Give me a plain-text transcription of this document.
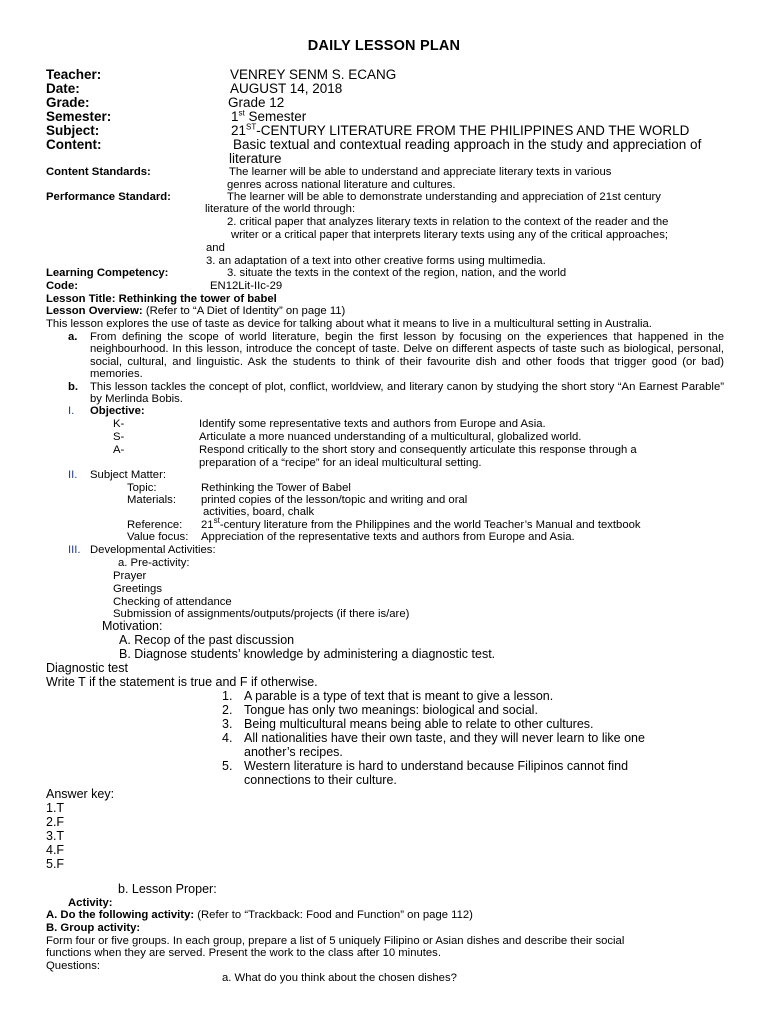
DAILY LESSON PLAN
Teacher:	VENREY SENM S. ECANG
Date:	AUGUST 14, 2018
Grade:	Grade 12
Semester:	1st Semester
Subject:	21ST-CENTURY LITERATURE FROM THE PHILIPPINES AND THE WORLD
Content:	Basic textual and contextual reading approach in the study and appreciation of
literature
Content Standards:	The learner will be able to understand and appreciate literary texts in various
genres across national literature and cultures.
Performance Standard:	The learner will be able to demonstrate understanding and appreciation of 21st century
literature of the world through:
2. critical paper that analyzes literary texts in relation to the context of the reader and the
writer or a critical paper that interprets literary texts using any of the critical approaches;
and
3. an adaptation of a text into other creative forms using multimedia.
Learning Competency:	3. situate the texts in the context of the region, nation, and the world
Code:	EN12Lit-IIc-29
Lesson Title: Rethinking the tower of babel
Lesson Overview: (Refer to “A Diet of Identity” on page 11)
This lesson explores the use of taste as device for talking about what it means to live in a multicultural setting in Australia.
a. From defining the scope of world literature, begin the first lesson by focusing on the experiences that happened in the neighbourhood. In this lesson, introduce the concept of taste. Delve on different aspects of taste such as biological, personal, social, cultural, and linguistic. Ask the students to think of their favourite dish and other foods that trigger good (or bad) memories.
b. This lesson tackles the concept of plot, conflict, worldview, and literary canon by studying the short story “An Earnest Parable” by Merlinda Bobis.
I. Objective:
K-	Identify some representative texts and authors from Europe and Asia.
S-	Articulate a more nuanced understanding of a multicultural, globalized world.
A-	Respond critically to the short story and consequently articulate this response through a
preparation of a “recipe” for an ideal multicultural setting.
II. Subject Matter:
Topic:	Rethinking the Tower of Babel
Materials: printed copies of the lesson/topic and writing and oral
activities, board, chalk
Reference: 21st-century literature from the Philippines and the world Teacher’s Manual and textbook
Value focus: Appreciation of the representative texts and authors from Europe and Asia.
III. Developmental Activities:
a. Pre-activity:
Prayer
Greetings
Checking of attendance
Submission of assignments/outputs/projects (if there is/are)
Motivation:
A. Recop of the past discussion
B. Diagnose students’ knowledge by administering a diagnostic test.
Diagnostic test
Write T if the statement is true and F if otherwise.
1. A parable is a type of text that is meant to give a lesson.
2. Tongue has only two meanings: biological and social.
3. Being multicultural means being able to relate to other cultures.
4. All nationalities have their own taste, and they will never learn to like one
another’s recipes.
5. Western literature is hard to understand because Filipinos cannot find
connections to their culture.
Answer key:
1.T
2.F
3.T
4.F
5.F
b. Lesson Proper:
Activity:
A. Do the following activity: (Refer to “Trackback: Food and Function” on page 112)
B. Group activity:
Form four or five groups. In each group, prepare a list of 5 uniquely Filipino or Asian dishes and describe their social
functions when they are served. Present the work to the class after 10 minutes.
Questions:
a. What do you think about the chosen dishes?
